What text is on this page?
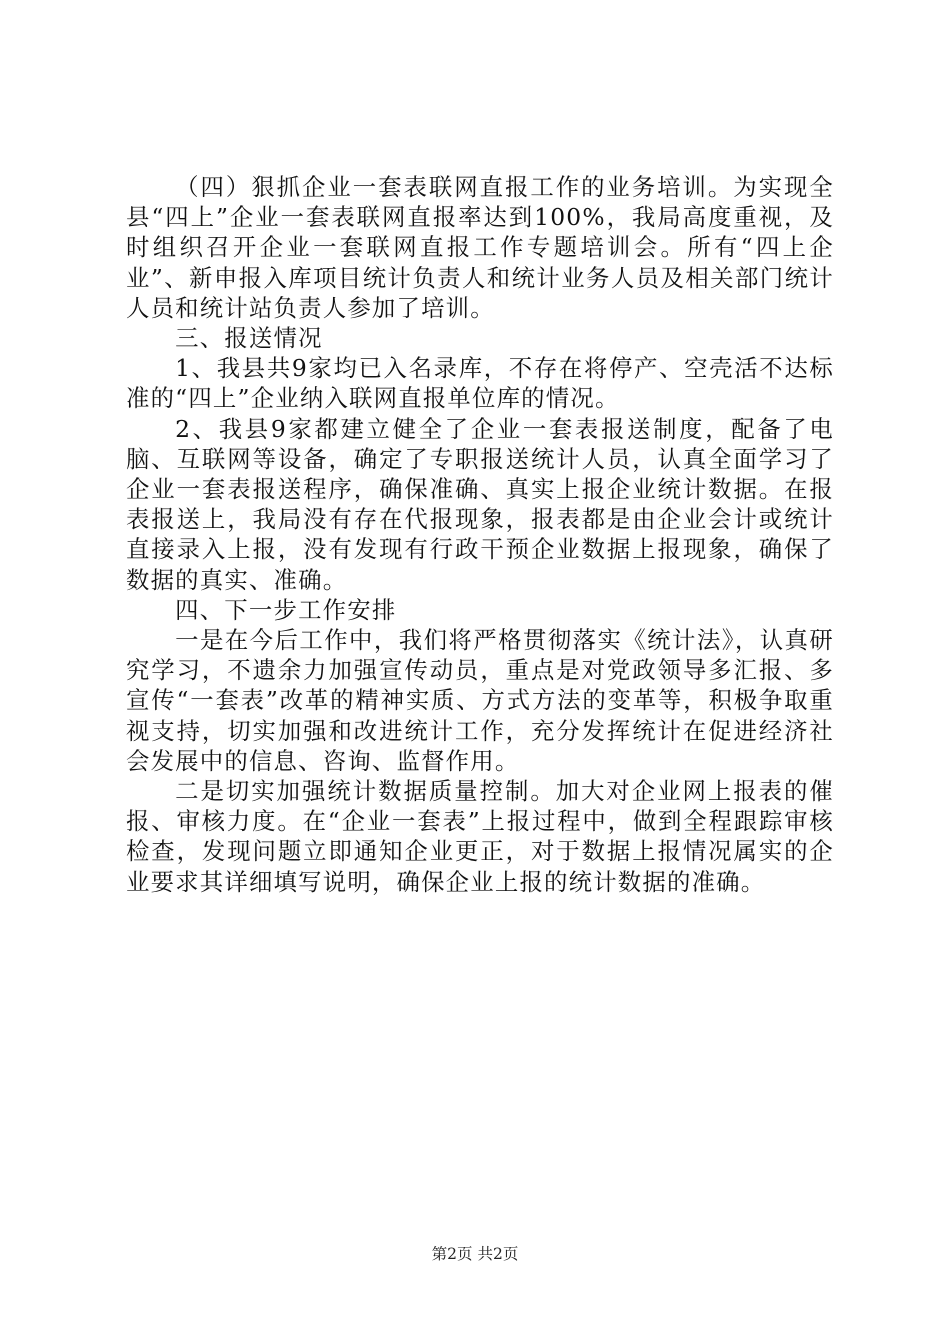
（四）狠抓企业一套表联网直报工作的业务培训。为实现全县“四上”企业一套表联网直报率达到100%，我局高度重视，及时组织召开企业一套联网直报工作专题培训会。所有“四上企业”、新申报入库项目统计负责人和统计业务人员及相关部门统计人员和统计站负责人参加了培训。

三、报送情况

1、我县共9家均已入名录库，不存在将停产、空壳活不达标准的“四上”企业纳入联网直报单位库的情况。

2、我县9家都建立健全了企业一套表报送制度，配备了电脑、互联网等设备，确定了专职报送统计人员，认真全面学习了企业一套表报送程序，确保准确、真实上报企业统计数据。在报表报送上，我局没有存在代报现象，报表都是由企业会计或统计直接录入上报，没有发现有行政干预企业数据上报现象，确保了数据的真实、准确。

四、下一步工作安排

一是在今后工作中，我们将严格贯彻落实《统计法》，认真研究学习，不遗余力加强宣传动员，重点是对党政领导多汇报、多宣传“一套表”改革的精神实质、方式方法的变革等，积极争取重视支持，切实加强和改进统计工作，充分发挥统计在促进经济社会发展中的信息、咨询、监督作用。

二是切实加强统计数据质量控制。加大对企业网上报表的催报、审核力度。在“企业一套表”上报过程中，做到全程跟踪审核检查，发现问题立即通知企业更正，对于数据上报情况属实的企业要求其详细填写说明，确保企业上报的统计数据的准确。

第2页 共2页
